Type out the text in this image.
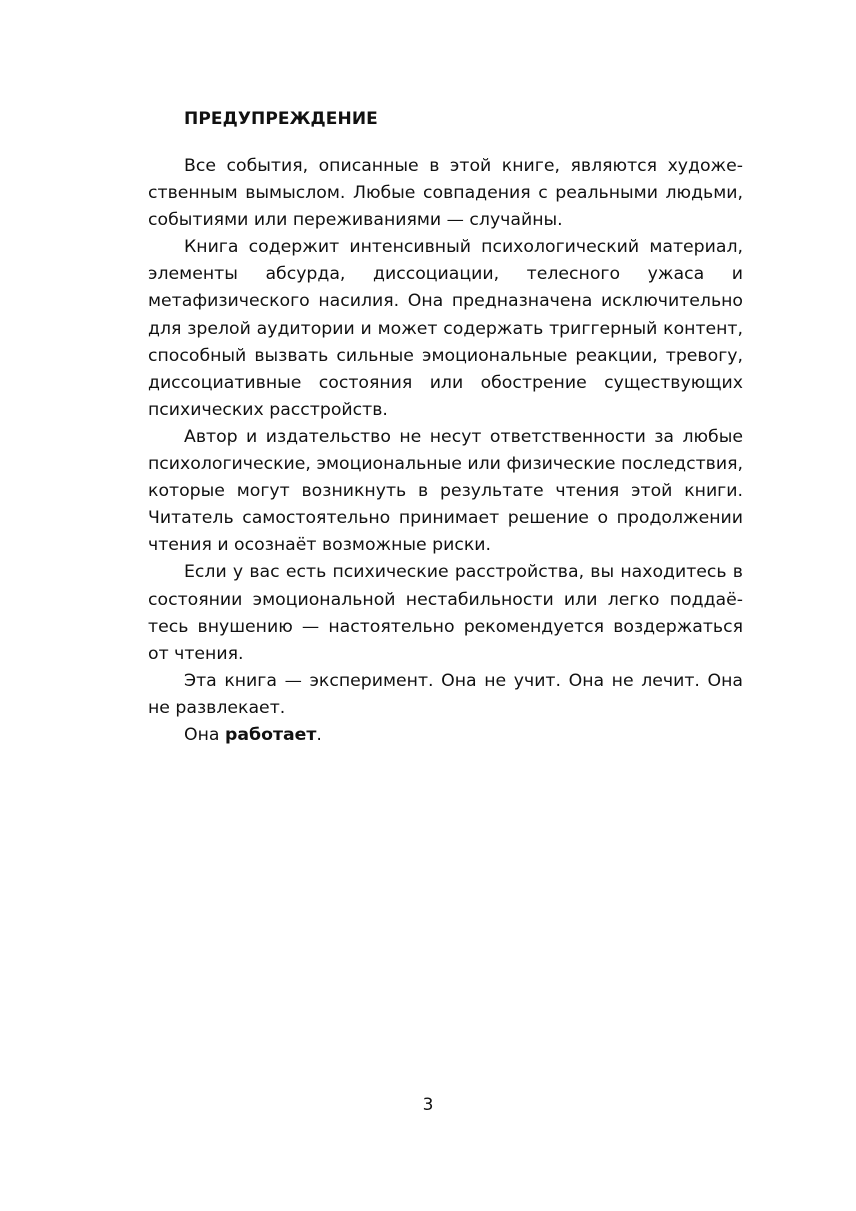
ПРЕДУПРЕЖДЕНИЕ

Все события, описанные в этой книге, являются художественным вымыслом. Любые совпадения с реальными людьми, событиями или переживаниями — случайны.

Книга содержит интенсивный психологический материал, элементы абсурда, диссоциации, телесного ужаса и метафизического насилия. Она предназначена исключительно для зрелой аудитории и может содержать триггерный контент, способный вызвать сильные эмоциональные реакции, тревогу, диссоциативные состояния или обострение существующих психических расстройств.

Автор и издательство не несут ответственности за любые психологические, эмоциональные или физические последствия, которые могут возникнуть в результате чтения этой книги. Читатель самостоятельно принимает решение о продолжении чтения и осознаёт возможные риски.

Если у вас есть психические расстройства, вы находитесь в состоянии эмоциональной нестабильности или легко поддаётесь внушению — настоятельно рекомендуется воздержаться от чтения.

Эта книга — эксперимент. Она не учит. Она не лечит. Она не развлекает.

Она работает.

3
